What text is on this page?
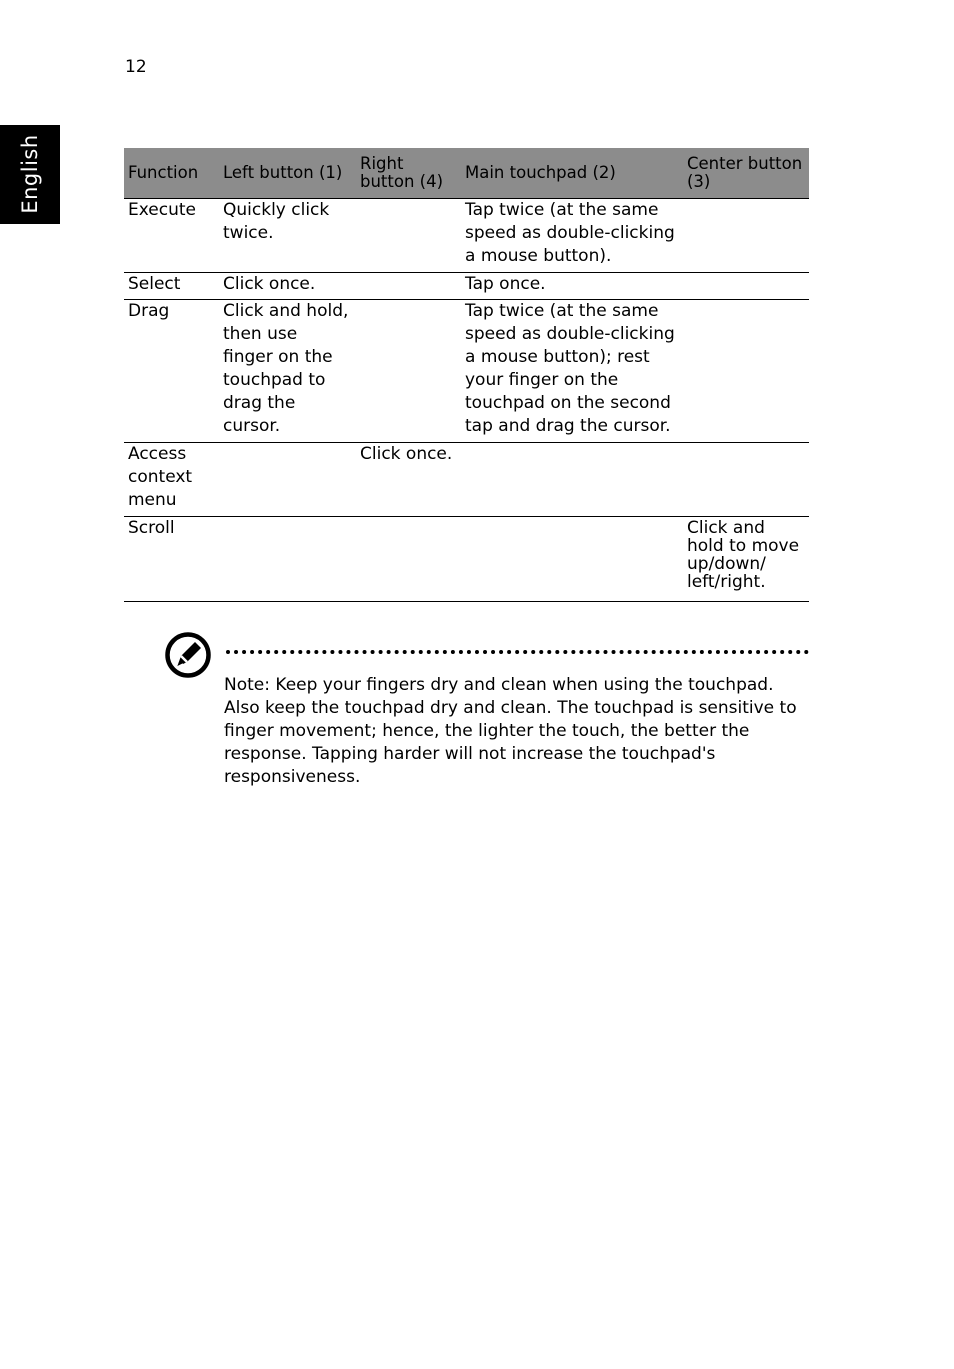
12
English	Function	Left button (1)	Right button (4)	Main touchpad (2)	Center button (3)
Execute	Quickly click twice.		Tap twice (at the same speed as double-clicking a mouse button).	
Select	Click once.		Tap once.	
Drag	Click and hold, then use finger on the touchpad to drag the cursor.		Tap twice (at the same speed as double-clicking a mouse button); rest your finger on the touchpad on the second tap and drag the cursor.	
Access context menu		Click once.		
Scroll				Click and hold to move up/down/ left/right.
Note: Keep your fingers dry and clean when using the touchpad. Also keep the touchpad dry and clean. The touchpad is sensitive to finger movement; hence, the lighter the touch, the better the response. Tapping harder will not increase the touchpad's responsiveness.
